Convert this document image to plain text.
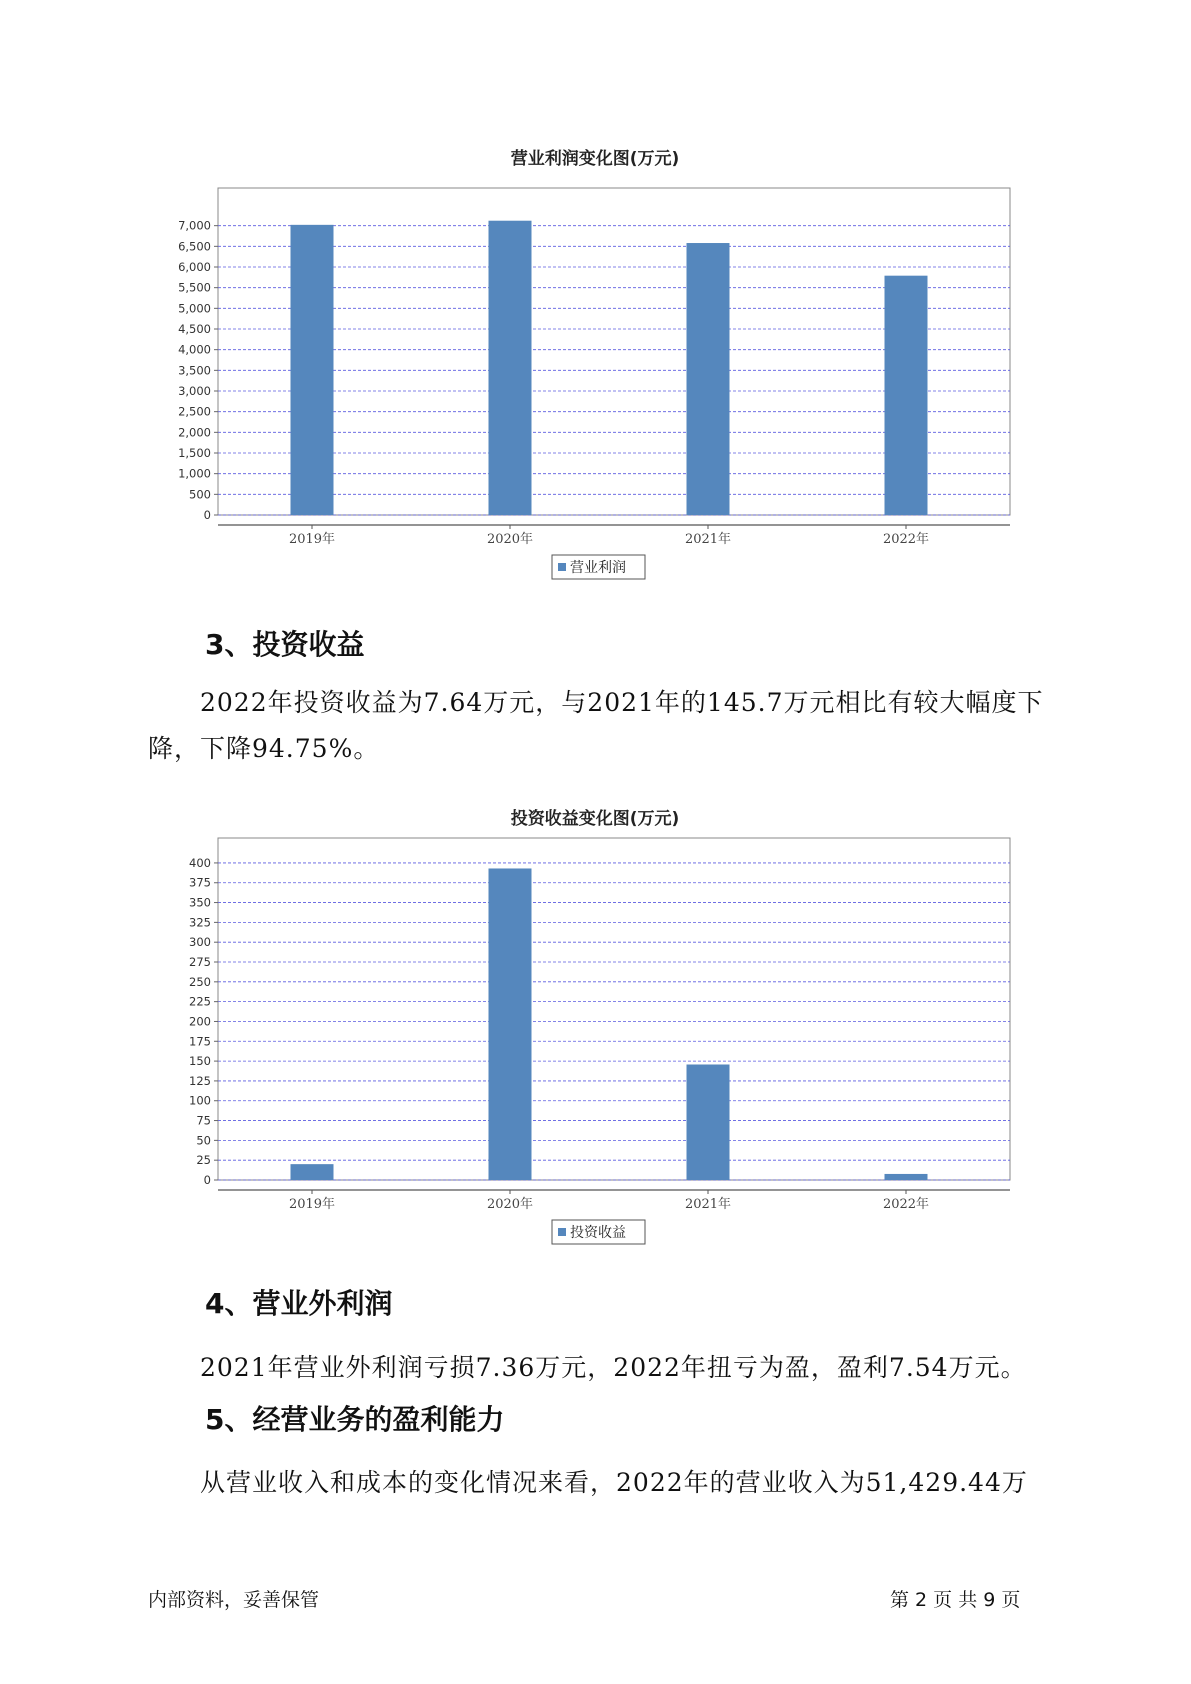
营业利润变化图(万元)
0
500
1,000
1,500
2,000
2,500
3,000
3,500
4,000
4,500
5,000
5,500
6,000
6,500
7,000
2019年	2020年	2021年	2022年
营业利润
3、投资收益

2022年投资收益为7.64万元，与2021年的145.7万元相比有较大幅度下降，下降94.75%。

投资收益变化图(万元)
0
25
50
75
100
125
150
175
200
225
250
275
300
325
350
375
400
2019年	2020年	2021年	2022年
投资收益
4、营业外利润

2021年营业外利润亏损7.36万元，2022年扭亏为盈，盈利7.54万元。

5、经营业务的盈利能力

从营业收入和成本的变化情况来看，2022年的营业收入为51,429.44万

内部资料，妥善保管	第 2 页 共 9 页
